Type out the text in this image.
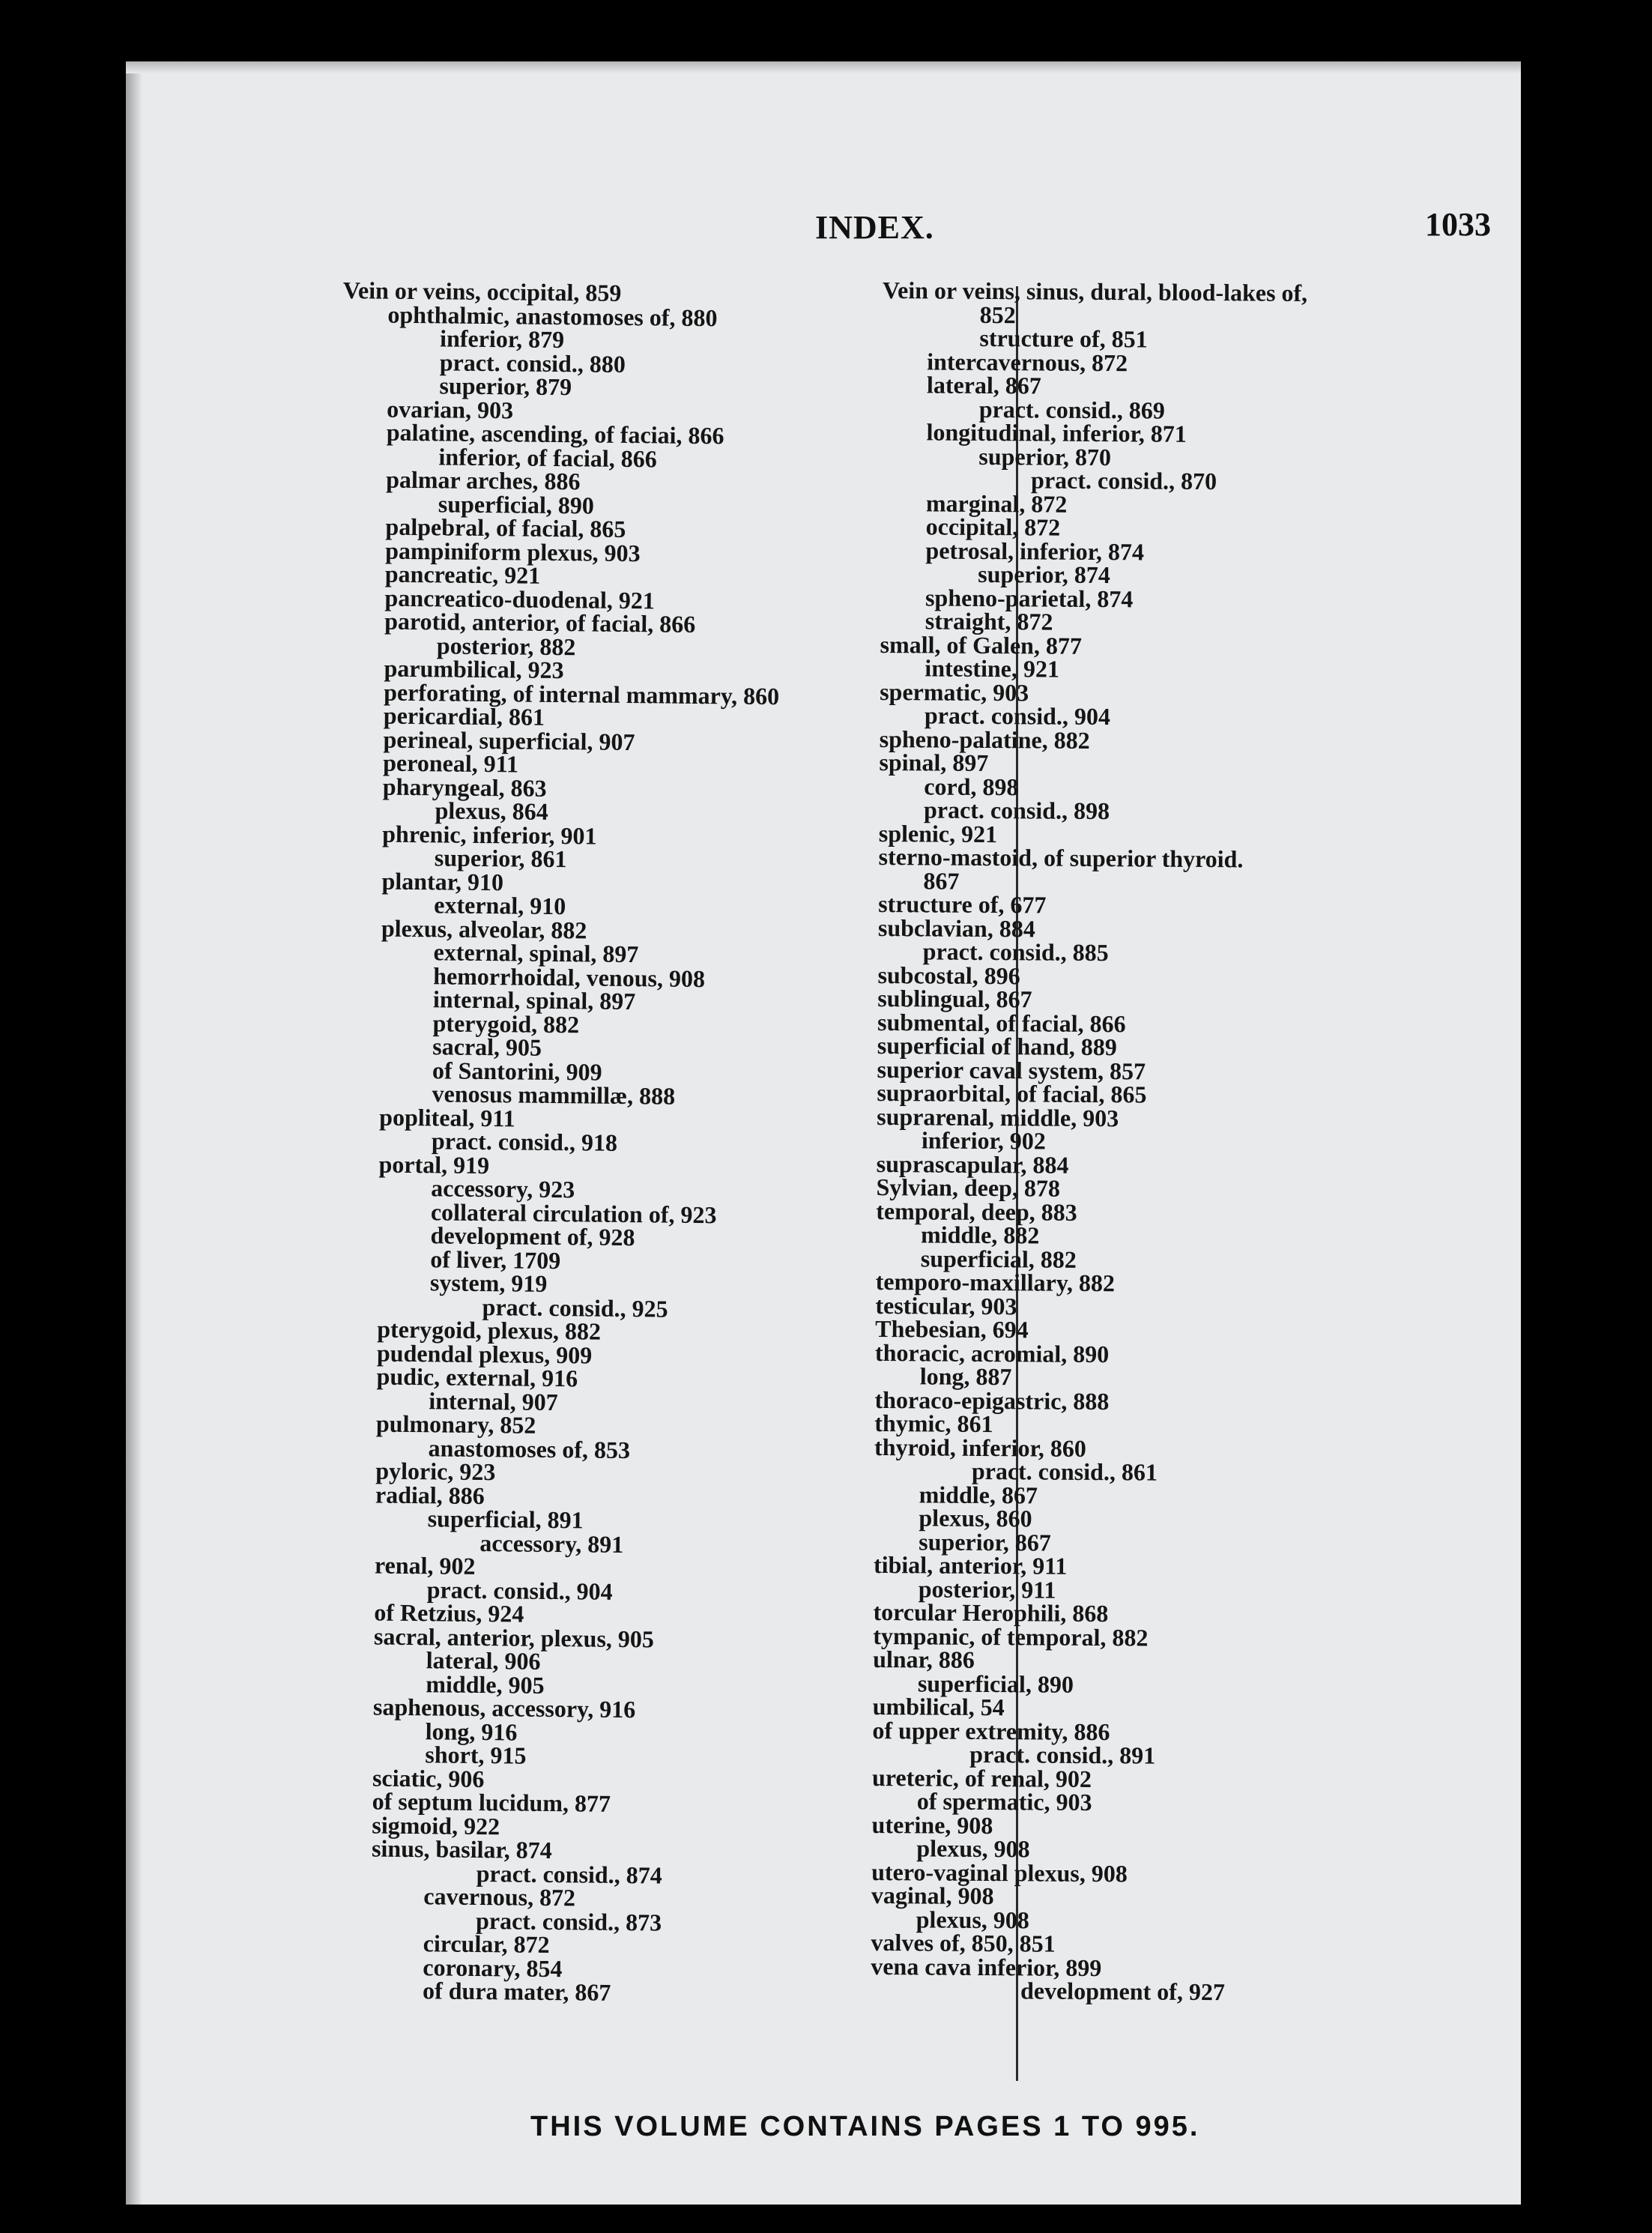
INDEX.	1033
Vein or veins, occipital, 859
ophthalmic, anastomoses of, 880
inferior, 879
pract. consid., 880
superior, 879
ovarian, 903
palatine, ascending, of faciai, 866
inferior, of facial, 866
palmar arches, 886
superficial, 890
palpebral, of facial, 865
pampiniform plexus, 903
pancreatic, 921
pancreatico-duodenal, 921
parotid, anterior, of facial, 866
posterior, 882
parumbilical, 923
perforating, of internal mammary, 860
pericardial, 861
perineal, superficial, 907
peroneal, 911
pharyngeal, 863
plexus, 864
phrenic, inferior, 901
superior, 861
plantar, 910
external, 910
plexus, alveolar, 882
external, spinal, 897
hemorrhoidal, venous, 908
internal, spinal, 897
pterygoid, 882
sacral, 905
of Santorini, 909
venosus mammillæ, 888
popliteal, 911
pract. consid., 918
portal, 919
accessory, 923
collateral circulation of, 923
development of, 928
of liver, 1709
system, 919
pract. consid., 925
pterygoid, plexus, 882
pudendal plexus, 909
pudic, external, 916
internal, 907
pulmonary, 852
anastomoses of, 853
pyloric, 923
radial, 886
superficial, 891
accessory, 891
renal, 902
pract. consid., 904
of Retzius, 924
sacral, anterior, plexus, 905
lateral, 906
middle, 905
saphenous, accessory, 916
long, 916
short, 915
sciatic, 906
of septum lucidum, 877
sigmoid, 922
sinus, basilar, 874
pract. consid., 874
cavernous, 872
pract. consid., 873
circular, 872
coronary, 854
of dura mater, 867
Vein or veins, sinus, dural, blood-lakes of,
852
structure of, 851
intercavernous, 872
lateral, 867
pract. consid., 869
longitudinal, inferior, 871
superior, 870
pract. consid., 870
marginal, 872
occipital, 872
petrosal, inferior, 874
superior, 874
spheno-parietal, 874
straight, 872
small, of Galen, 877
intestine, 921
spermatic, 903
pract. consid., 904
spheno-palatine, 882
spinal, 897
cord, 898
pract. consid., 898
splenic, 921
sterno-mastoid, of superior thyroid.
867
structure of, 677
subclavian, 884
pract. consid., 885
subcostal, 896
sublingual, 867
submental, of facial, 866
superficial of hand, 889
superior caval system, 857
supraorbital, of facial, 865
suprarenal, middle, 903
inferior, 902
suprascapular, 884
Sylvian, deep, 878
temporal, deep, 883
middle, 882
superficial, 882
temporo-maxillary, 882
testicular, 903
Thebesian, 694
thoracic, acromial, 890
long, 887
thoraco-epigastric, 888
thymic, 861
thyroid, inferior, 860
pract. consid., 861
middle, 867
plexus, 860
superior, 867
tibial, anterior, 911
posterior, 911
torcular Herophili, 868
tympanic, of temporal, 882
ulnar, 886
superficial, 890
umbilical, 54
of upper extremity, 886
pract. consid., 891
ureteric, of renal, 902
of spermatic, 903
uterine, 908
plexus, 908
utero-vaginal plexus, 908
vaginal, 908
plexus, 908
valves of, 850, 851
vena cava inferior, 899
development of, 927
THIS VOLUME CONTAINS PAGES 1 TO 995.
